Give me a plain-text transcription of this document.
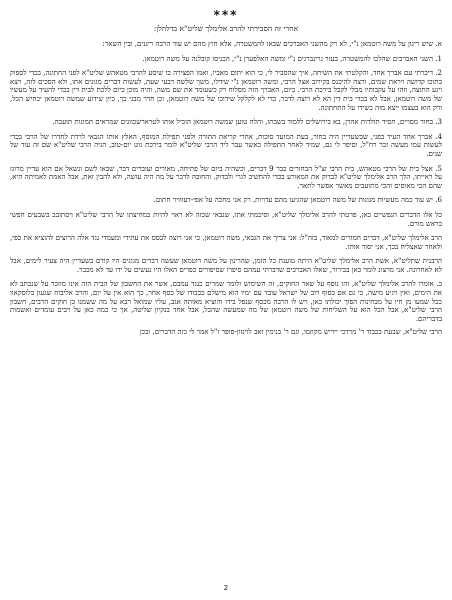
***
אחרי זה הסבירתי להרב אלימלך שליט"א בדלהלן:

א. שיש רינון על משה רוטמאן נ"י, לא רק מהשני האברכים שבאו להמשטרה, אלא חוץ מהם יש עוד הרבה ריננים, ובין השאר:

1. השני האברכים שהלכו להמשטרה, בעזר גרינברגים נ"י ומשה האלפערן נ"י, הכניסו קובלנה על משה רוטמאן.

2. דיברתי עם אברך אחד, והקלטתי את השיחה, איך שהסביר לי, כי הוא יתום מאביו, ואמו הפצירה בו שיסע להרבי מטאהש שליט"א לפני החתונה, בכדי לספוק בתוכו קדושה ויראת שמים, ורצה להיכנס בקירוב אצל הרבי, ומשה רוטמאן נ"י שידלו, משך שלשה רבעי שעה, לעשות דברים מגונים אתו, ולא הסכים לזה, ויצא ויגע התוצה, וזהו על עקבותיו מבלי לקבל בירכת הרבי. כיום, האברך הזה מסלוח רק כשעומד את שם משה, והיה מוכן כיום ללכת לבית דין בכדי להעיד על מעשיו של משה רוטמאן, אבל לא בכדי בית דין הא לא רוצה לדבר, כדי לא לקלקל שידוכו של משה רוטמאן, וכן חדר מבני כך, כיון שידוע שמשה רוטמאן יכחיש הכל, ורק הוא בעצמו ייצא מזה כשידו על התחתונה.

3. בחור מסויים, חסיד תולדות אהרן, בא בירושלים ללמוד בשבתו, והלה טוען שמשה רוטמאן הוביל אותו לטרארשכוונים שמראים תמונות תועבה.

4. אברך אחד העיד בפני, שכשעדיין היה בחור, בעת המועד סוכות, אחרי קריאת התורה ולפני תפילת המוסף, האלץ אותו הגבאי לרדת לחדרו של הרבי בכדי לעשות עמו מעשה זכר רח"ל, וסיפר לי גם, שמיד לאחר התפילה כאשר עבר ליד הרבי שליט"א לומר בירכת גוט יום-טוב, הגיה הרבי שליט"א שם זה עוד של שנים.

5. אצל בית של הרבי מטאהש, בית הרבי זצ"ל הבחורים כבר 9 דברים, וכשהיה ביום של פתיחה, מאורים ועוברים דבר, שבאו לשם ונשאל אם הוא עדיין מרוגז על ראייתו, הלך הרב אלימלך שליט"א לבדוק את המאורע בכדי להחשיב לגרי ולבדוק. והחובה לדבר על מה היה עושה, ולא להבין זאת, אבל האמת לאמיתה היא, שהם הכי מאוסים והכי מתועבים מאשר אפשר לתאר.

6. יש עוד כמה מעשיות מגונות של משה רוטמאן שהגיעו מהם עדויות, רק אני מחכה על אפי-דעווויר חתום.

כל אלו הדברים הנפשיים כאן, פרטתי להרב אלימלך שליט"א, וסיכמתי אתו, שנבאי שכזה לא ראוי להיות במחיצתו של הרבי שליט"א ויסתובב בשבעים חפשי בראש מורם.

הרב אלימלך שליט"א, דברים חמורים למאוד, בזה"ל: אני צריך את הגבאי, משה רוטמאן, כי אני רוצה לבסס את עתידי ומעמדי נגד אלה הרוצים להוציא את כפי, ולאחר שאצליח בכך, אני יסוד אותו.

הרבנית שתליט"א, אשת הרב אלימלך שליט"א היתה טוענת כל הזמן, שהרינון על משה רוטמאן שעשה דברים מגונים היו קודם כשעדיין היה צעיר לימים, אבל לא לאחרונה. אני מרצונ לומר כאן בבירור, שאלו האברכים שדברתי עמהם סיפרו שסיפורים כפרים האלו היו נעשים על ידו עד לא מכבר.

ב. אומרו להרב אלימלך שליט"א, זהו נוסף על שאר החוקים, זה השימוש ולומר שמרים כנגד עמכם, אשר את החשבון של הבית הזה אינו מוזכר על שנכתב לא את הימים, ואין ויגיע מישה, כי גם אם בסוף רוב של ישראל עובד עם ימיו הוא מישלם ככבודו של כסף אחר, כך הוא אין על יום, והרב אליבוח שגעון בלוסקאוו ככל שמעו מן חיו על מבחינות הפוך יכולתו כאן, ויש לו הרבה מכסף שנפל בידו והוציא מאותה אגב, עליו שמואל רבא על מה ששמנו כן חוקים הרבים, חשבון הרבי שליט"א, אבל הכל הוא על השליחות של משה רוטמאן של מה שמעשה שהכל, אבל אחד בנקיון שליטה, אך כי כמה כאן על רבים עומדים ואשמות בדבריהם.

הרבי שליט"א, שבעת בכבוד ר' מרדכי ייריש מקוזמו, וגם ר' בנימין זאב לוינזון-סופר ז"ל אמר לי כזה הדברים, ובכן

2
